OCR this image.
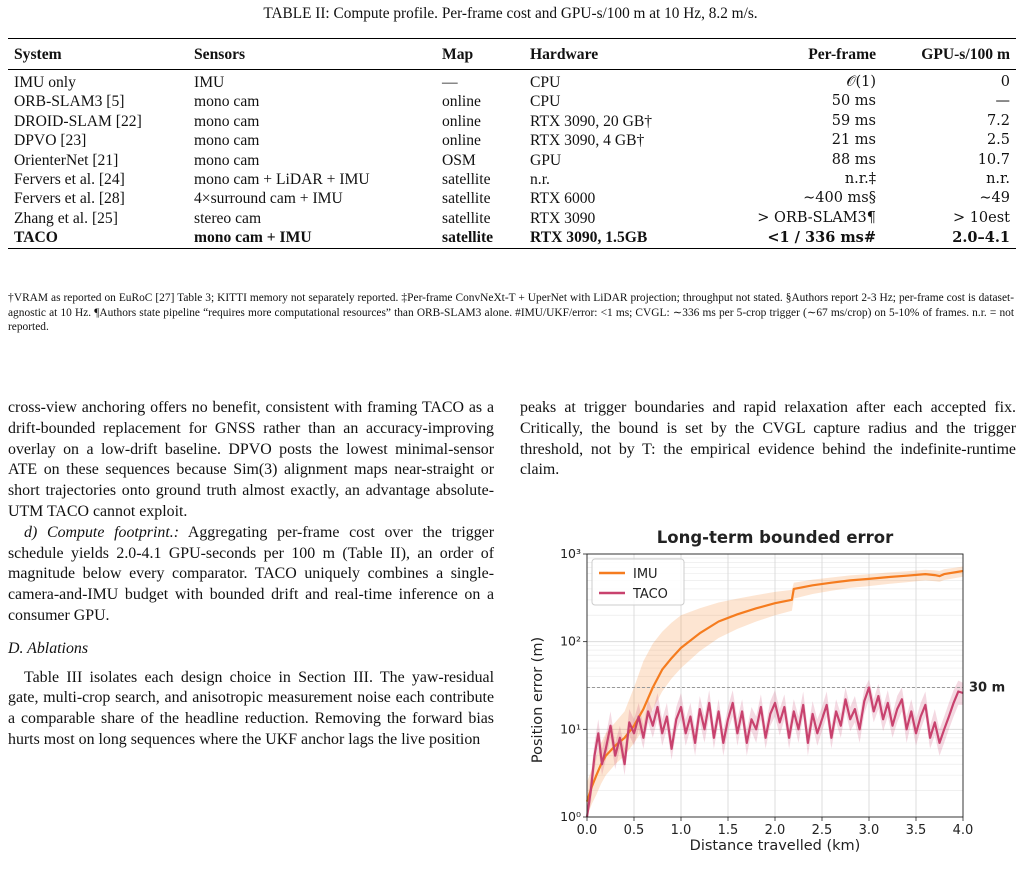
TABLE II: Compute profile. Per-frame cost and GPU-s/100 m at 10 Hz, 8.2 m/s.
System	Sensors	Map	Hardware	Per-frame	GPU-s/100 m
IMU only	IMU	—	CPU	𝒪(1)	0
ORB-SLAM3 [5]	mono cam	online	CPU	50 ms	—
DROID-SLAM [22]	mono cam	online	RTX 3090, 20 GB†	59 ms	7.2
DPVO [23]	mono cam	online	RTX 3090, 4 GB†	21 ms	2.5
OrienterNet [21]	mono cam	OSM	GPU	88 ms	10.7
Fervers et al. [24]	mono cam + LiDAR + IMU	satellite	n.r.	n.r.‡	n.r.
Fervers et al. [28]	4×surround cam + IMU	satellite	RTX 6000	∼400 ms§	∼49
Zhang et al. [25]	stereo cam	satellite	RTX 3090	> ORB-SLAM3¶	> 10est
TACO	mono cam + IMU	satellite	RTX 3090, 1.5GB	<1 / 336 ms#	2.0–4.1
†VRAM as reported on EuRoC [27] Table 3; KITTI memory not separately reported. ‡Per-frame ConvNeXt-T + UperNet with LiDAR projection; throughput not stated. §Authors report 2-3 Hz; per-frame cost is dataset-agnostic at 10 Hz. ¶Authors state pipeline “requires more computational resources” than ORB-SLAM3 alone. #IMU/UKF/error: <1 ms; CVGL: ∼336 ms per 5-crop trigger (∼67 ms/crop) on 5-10% of frames. n.r. = not reported.

cross-view anchoring offers no benefit, consistent with framing TACO as a drift-bounded replacement for GNSS rather than an accuracy-improving overlay on a low-drift baseline. DPVO posts the lowest minimal-sensor ATE on these sequences because Sim(3) alignment maps near-straight or short trajectories onto ground truth almost exactly, an advantage absolute-UTM TACO cannot exploit.

d) Compute footprint.: Aggregating per-frame cost over the trigger schedule yields 2.0-4.1 GPU-seconds per 100 m (Table II), an order of magnitude below every comparator. TACO uniquely combines a single-camera-and-IMU budget with bounded drift and real-time inference on a consumer GPU.

D. Ablations

Table III isolates each design choice in Section III. The yaw-residual gate, multi-crop search, and anisotropic measurement noise each contribute a comparable share of the headline reduction. Removing the forward bias hurts most on long sequences where the UKF anchor lags the live position

peaks at trigger boundaries and rapid relaxation after each accepted fix. Critically, the bound is set by the CVGL capture radius and the trigger threshold, not by T: the empirical evidence behind the indefinite-runtime claim.

30 m
0.0 0.5 1.0 1.5 2.0 2.5 3.0 3.5 4.0
10⁰
10¹
10²
10³
Long-term bounded error
Distance travelled (km)
Position error (m)
IMU
TACO
